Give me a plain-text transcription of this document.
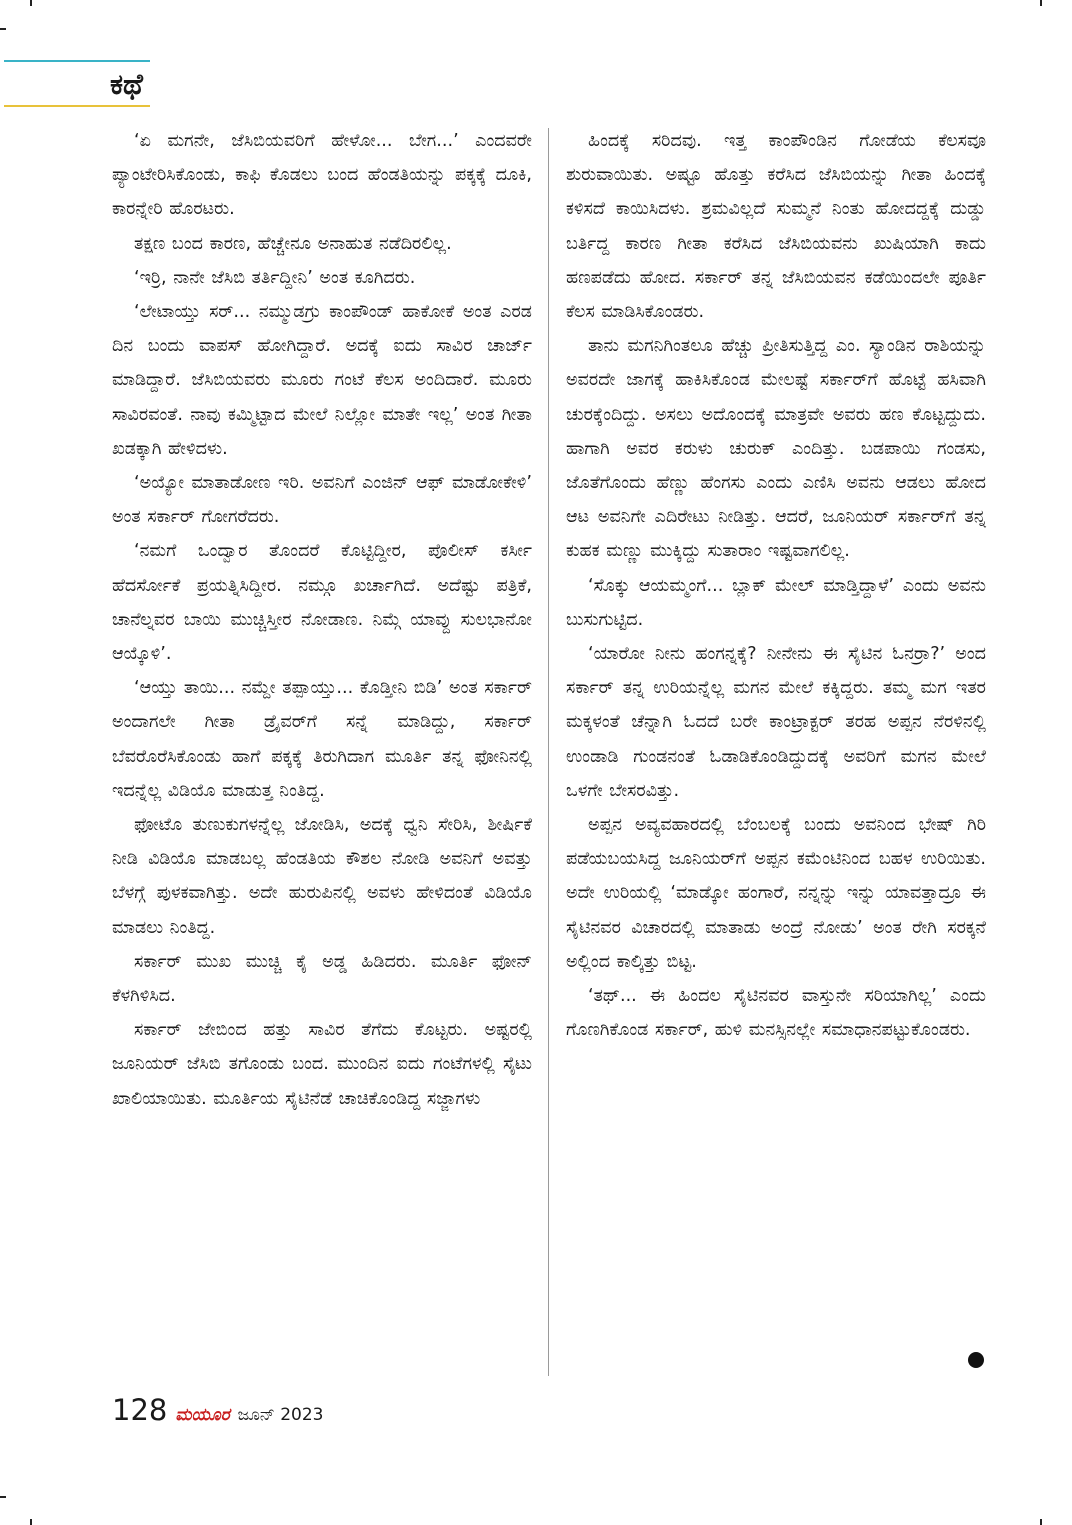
ಕಥೆ

‘ಏ ಮಗನೇ, ಜೆಸಿಬಿಯವರಿಗೆ ಹೇಳೋ... ಬೇಗ...’ ಎಂದವರೇ ಪ್ಯಾಂಟೇರಿಸಿಕೊಂಡು, ಕಾಫಿ ಕೊಡಲು ಬಂದ ಹೆಂಡತಿಯನ್ನು ಪಕ್ಕಕ್ಕೆ ದೂಕಿ, ಕಾರನ್ನೇರಿ ಹೊರಟರು.

ತಕ್ಷಣ ಬಂದ ಕಾರಣ, ಹೆಚ್ಚೇನೂ ಅನಾಹುತ ನಡೆದಿರಲಿಲ್ಲ.

‘ಇರ್ರಿ, ನಾನೇ ಜೆಸಿಬಿ ತರ್ತಿದ್ದೀನಿ’ ಅಂತ ಕೂಗಿದರು.

‘ಲೇಟಾಯ್ತು ಸರ್... ನಮ್ಮುಡಗ್ರು ಕಾಂಪೌಂಡ್ ಹಾಕೋಕೆ ಅಂತ ಎರಡ ದಿನ ಬಂದು ವಾಪಸ್ ಹೋಗಿದ್ದಾರೆ. ಅದಕ್ಕೆ ಐದು ಸಾವಿರ ಚಾರ್ಜ್ ಮಾಡಿದ್ದಾರೆ. ಜೆಸಿಬಿಯವರು ಮೂರು ಗಂಟೆ ಕೆಲಸ ಅಂದಿದಾರೆ. ಮೂರು ಸಾವಿರವಂತೆ. ನಾವು ಕಮ್ಮಿಟ್ಟಾದ ಮೇಲೆ ನಿಲ್ಲೋ ಮಾತೇ ಇಲ್ಲ’ ಅಂತ ಗೀತಾ ಖಡಕ್ಕಾಗಿ ಹೇಳಿದಳು.

‘ಅಯ್ಯೋ ಮಾತಾಡೋಣ ಇರಿ. ಅವನಿಗೆ ಎಂಜಿನ್ ಆಫ್ ಮಾಡೋಕೇಳಿ’ ಅಂತ ಸರ್ಕಾರ್ ಗೋಗರೆದರು.

‘ನಮಗೆ ಒಂದ್ವಾರ ತೊಂದರೆ ಕೊಟ್ಟಿದ್ದೀರ, ಪೊಲೀಸ್ ಕರ್ಸೀ ಹೆದರ್ಸೋಕೆ ಪ್ರಯತ್ನಿಸಿದ್ದೀರ. ನಮ್ಗೂ ಖರ್ಚಾಗಿದೆ. ಅದೆಷ್ಟು ಪತ್ರಿಕೆ, ಚಾನೆಲ್ನವರ ಬಾಯಿ ಮುಚ್ಚಿಸ್ತೀರ ನೋಡಾಣ. ನಿಮ್ಗೆ ಯಾವ್ದು ಸುಲಭಾನೋ ಆಯ್ಕೊಳಿ’.

‘ಆಯ್ತು ತಾಯಿ... ನಮ್ದೇ ತಪ್ಪಾಯ್ತು... ಕೊಡ್ತೀನಿ ಬಿಡಿ’ ಅಂತ ಸರ್ಕಾರ್ ಅಂದಾಗಲೇ ಗೀತಾ ಡ್ರೈವರ್‌ಗೆ ಸನ್ನೆ ಮಾಡಿದ್ದು, ಸರ್ಕಾರ್ ಬೆವರೊರೆಸಿಕೊಂಡು ಹಾಗೆ ಪಕ್ಕಕ್ಕೆ ತಿರುಗಿದಾಗ ಮೂರ್ತಿ ತನ್ನ ಫೋನಿನಲ್ಲಿ ಇದನ್ನೆಲ್ಲ ವಿಡಿಯೊ ಮಾಡುತ್ತ ನಿಂತಿದ್ದ.

ಫೋಟೊ ತುಣುಕುಗಳನ್ನೆಲ್ಲ ಜೋಡಿಸಿ, ಅದಕ್ಕೆ ಧ್ವನಿ ಸೇರಿಸಿ, ಶೀರ್ಷಿಕೆ ನೀಡಿ ವಿಡಿಯೊ ಮಾಡಬಲ್ಲ ಹೆಂಡತಿಯ ಕೌಶಲ ನೋಡಿ ಅವನಿಗೆ ಅವತ್ತು ಬೆಳಗ್ಗೆ ಪುಳಕವಾಗಿತ್ತು. ಅದೇ ಹುರುಪಿನಲ್ಲಿ ಅವಳು ಹೇಳಿದಂತೆ ವಿಡಿಯೊ ಮಾಡಲು ನಿಂತಿದ್ದ.

ಸರ್ಕಾರ್ ಮುಖ ಮುಚ್ಚಿ ಕೈ ಅಡ್ಡ ಹಿಡಿದರು. ಮೂರ್ತಿ ಫೋನ್ ಕೆಳಗಿಳಿಸಿದ.

ಸರ್ಕಾರ್ ಜೇಬಿಂದ ಹತ್ತು ಸಾವಿರ ತೆಗೆದು ಕೊಟ್ಟರು. ಅಷ್ಟರಲ್ಲಿ ಜೂನಿಯರ್ ಜೆಸಿಬಿ ತಗೊಂಡು ಬಂದ. ಮುಂದಿನ ಐದು ಗಂಟೆಗಳಲ್ಲಿ ಸೈಟು ಖಾಲಿಯಾಯಿತು. ಮೂರ್ತಿಯ ಸೈಟಿನೆಡೆ ಚಾಚಿಕೊಂಡಿದ್ದ ಸಜ್ಜಾಗಳು

ಹಿಂದಕ್ಕೆ ಸರಿದವು. ಇತ್ತ ಕಾಂಪೌಂಡಿನ ಗೋಡೆಯ ಕೆಲಸವೂ ಶುರುವಾಯಿತು. ಅಷ್ಟೂ ಹೊತ್ತು ಕರೆಸಿದ ಜೆಸಿಬಿಯನ್ನು ಗೀತಾ ಹಿಂದಕ್ಕೆ ಕಳಿಸದೆ ಕಾಯಿಸಿದಳು. ಶ್ರಮವಿಲ್ಲದೆ ಸುಮ್ಮನೆ ನಿಂತು ಹೋದದ್ದಕ್ಕೆ ದುಡ್ಡು ಬರ್ತಿದ್ದ ಕಾರಣ ಗೀತಾ ಕರೆಸಿದ ಜೆಸಿಬಿಯವನು ಖುಷಿಯಾಗಿ ಕಾದು ಹಣಪಡೆದು ಹೋದ. ಸರ್ಕಾರ್ ತನ್ನ ಜೆಸಿಬಿಯವನ ಕಡೆಯಿಂದಲೇ ಪೂರ್ತಿ ಕೆಲಸ ಮಾಡಿಸಿಕೊಂಡರು.

ತಾನು ಮಗನಿಗಿಂತಲೂ ಹೆಚ್ಚು ಪ್ರೀತಿಸುತ್ತಿದ್ದ ಎಂ. ಸ್ಯಾಂಡಿನ ರಾಶಿಯನ್ನು ಅವರದೇ ಜಾಗಕ್ಕೆ ಹಾಕಿಸಿಕೊಂಡ ಮೇಲಷ್ಟೆ ಸರ್ಕಾರ್‌ಗೆ ಹೊಟ್ಟೆ ಹಸಿವಾಗಿ ಚುರಕ್ಕೆಂದಿದ್ದು. ಅಸಲು ಅದೊಂದಕ್ಕೆ ಮಾತ್ರವೇ ಅವರು ಹಣ ಕೊಟ್ಟದ್ದುದು. ಹಾಗಾಗಿ ಅವರ ಕರುಳು ಚುರುಕ್ ಎಂದಿತ್ತು. ಬಡಪಾಯಿ ಗಂಡಸು, ಜೊತೆಗೊಂದು ಹೆಣ್ಣು ಹೆಂಗಸು ಎಂದು ಎಣಿಸಿ ಅವನು ಆಡಲು ಹೋದ ಆಟ ಅವನಿಗೇ ಎದಿರೇಟು ನೀಡಿತ್ತು. ಆದರೆ, ಜೂನಿಯರ್ ಸರ್ಕಾರ್‌ಗೆ ತನ್ನ ಕುಹಕ ಮಣ್ಣು ಮುಕ್ಕಿದ್ದು ಸುತಾರಾಂ ಇಷ್ಟವಾಗಲಿಲ್ಲ.

‘ಸೊಕ್ಕು ಆಯಮ್ಮಂಗೆ... ಬ್ಲಾಕ್ ಮೇಲ್ ಮಾಡ್ತಿದ್ದಾಳೆ’ ಎಂದು ಅವನು ಬುಸುಗುಟ್ಟಿದ.

‘ಯಾರೋ ನೀನು ಹಂಗನ್ನಕ್ಕೆ? ನೀನೇನು ಈ ಸೈಟಿನ ಓನರ್ರಾ?’ ಅಂದ ಸರ್ಕಾರ್ ತನ್ನ ಉರಿಯನ್ನೆಲ್ಲ ಮಗನ ಮೇಲೆ ಕಕ್ಕಿದ್ದರು. ತಮ್ಮ ಮಗ ಇತರ ಮಕ್ಕಳಂತೆ ಚೆನ್ನಾಗಿ ಓದದೆ ಬರೇ ಕಾಂಟ್ರಾಕ್ಟರ್ ತರಹ ಅಪ್ಪನ ನೆರಳಿನಲ್ಲಿ ಉಂಡಾಡಿ ಗುಂಡನಂತೆ ಓಡಾಡಿಕೊಂಡಿದ್ದುದಕ್ಕೆ ಅವರಿಗೆ ಮಗನ ಮೇಲೆ ಒಳಗೇ ಬೇಸರವಿತ್ತು.

ಅಪ್ಪನ ಅವ್ಯವಹಾರದಲ್ಲಿ ಬೆಂಬಲಕ್ಕೆ ಬಂದು ಅವನಿಂದ ಭೇಷ್ ಗಿರಿ ಪಡೆಯಬಯಸಿದ್ದ ಜೂನಿಯರ್‌ಗೆ ಅಪ್ಪನ ಕಮೆಂಟಿನಿಂದ ಬಹಳ ಉರಿಯಿತು. ಅದೇ ಉರಿಯಲ್ಲಿ ‘ಮಾಡ್ಕೋ ಹಂಗಾರೆ, ನನ್ನನ್ನು ಇನ್ನು ಯಾವತ್ತಾದ್ರೂ ಈ ಸೈಟಿನವರ ವಿಚಾರದಲ್ಲಿ ಮಾತಾಡು ಅಂದ್ರೆ ನೋಡು’ ಅಂತ ರೇಗಿ ಸರಕ್ಕನೆ ಅಲ್ಲಿಂದ ಕಾಲ್ಕಿತ್ತು ಬಿಟ್ಟ.

‘ತಥ್... ಈ ಹಿಂದಲ ಸೈಟಿನವರ ವಾಸ್ತುನೇ ಸರಿಯಾಗಿಲ್ಲ’ ಎಂದು ಗೊಣಗಿಕೊಂಡ ಸರ್ಕಾರ್, ಹುಳಿ ಮನಸ್ಸಿನಲ್ಲೇ ಸಮಾಧಾನಪಟ್ಟುಕೊಂಡರು.

128 ಮಯೂರ ಜೂನ್ 2023
